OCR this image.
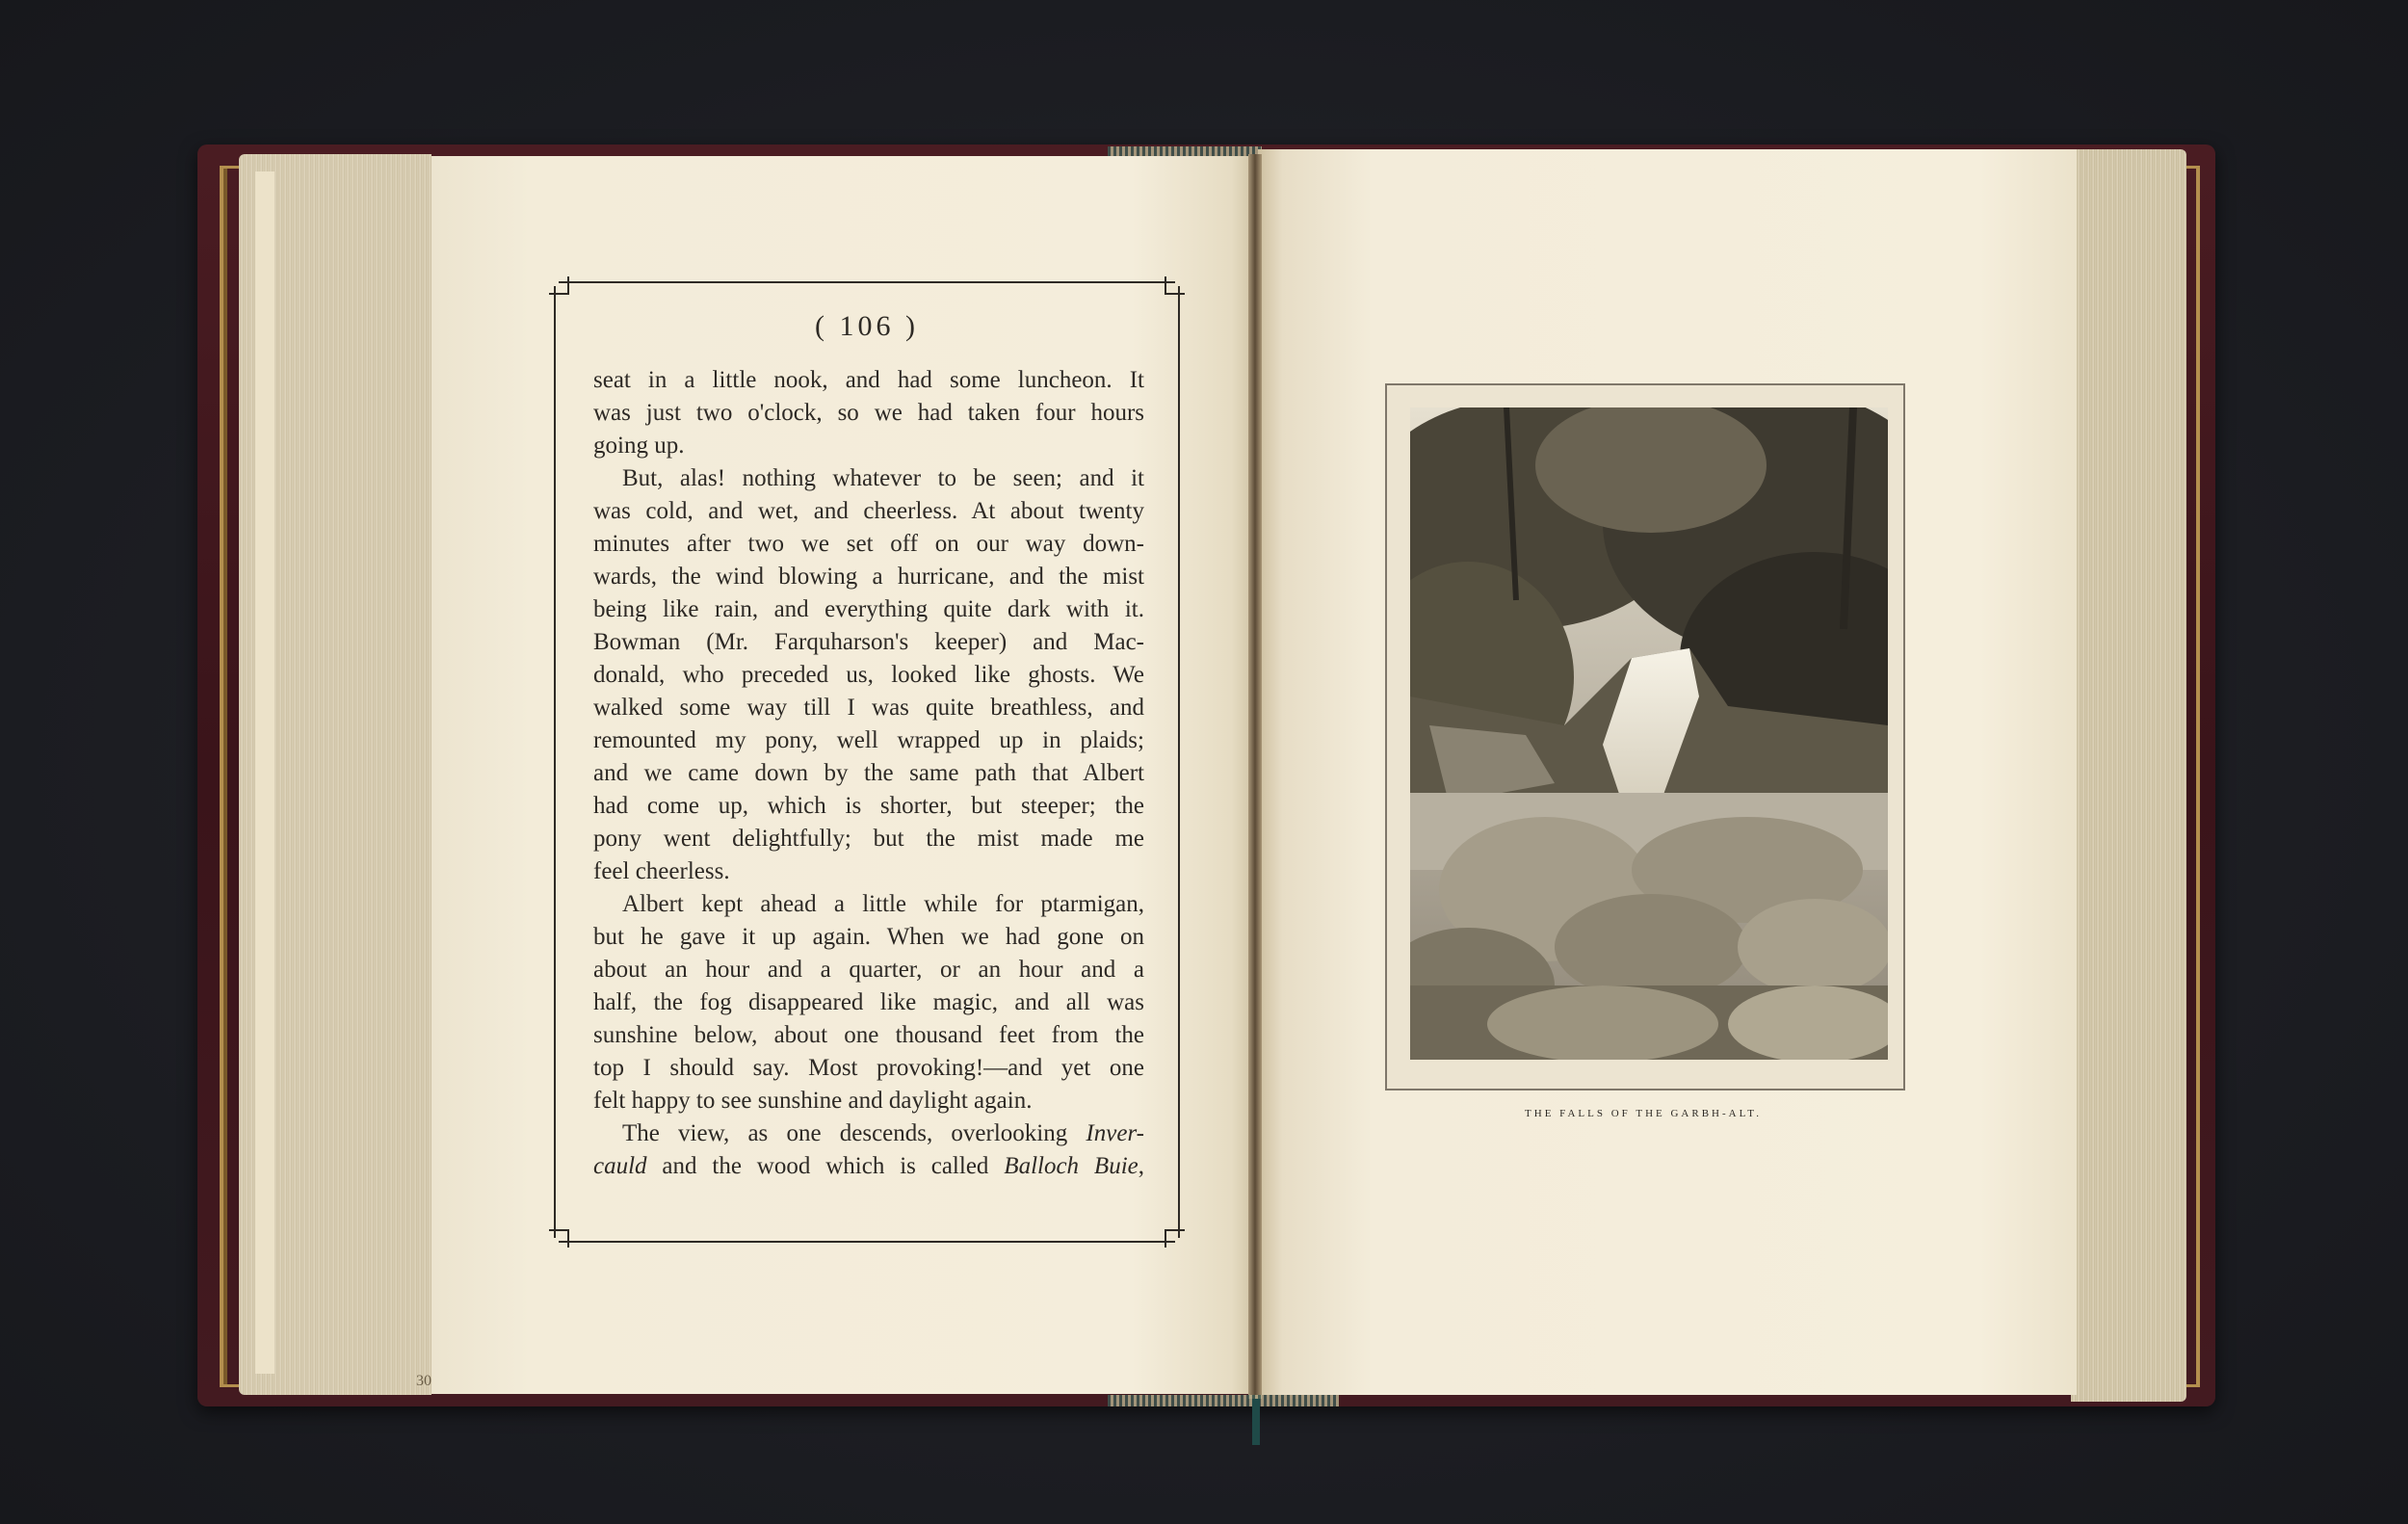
( 106 )
seat in a little nook, and had some luncheon. It
was just two o'clock, so we had taken four hours
going up.
But, alas! nothing whatever to be seen; and it
was cold, and wet, and cheerless. At about twenty
minutes after two we set off on our way down-
wards, the wind blowing a hurricane, and the mist
being like rain, and everything quite dark with it.
Bowman (Mr. Farquharson's keeper) and Mac-
donald, who preceded us, looked like ghosts. We
walked some way till I was quite breathless, and
remounted my pony, well wrapped up in plaids;
and we came down by the same path that Albert
had come up, which is shorter, but steeper; the
pony went delightfully; but the mist made me
feel cheerless.
Albert kept ahead a little while for ptarmigan,
but he gave it up again. When we had gone on
about an hour and a quarter, or an hour and a
half, the fog disappeared like magic, and all was
sunshine below, about one thousand feet from the
top I should say. Most provoking!—and yet one
felt happy to see sunshine and daylight again.
The view, as one descends, overlooking Inver-
cauld and the wood which is called Balloch Buie,
30
THE FALLS OF THE GARBH-ALT.
